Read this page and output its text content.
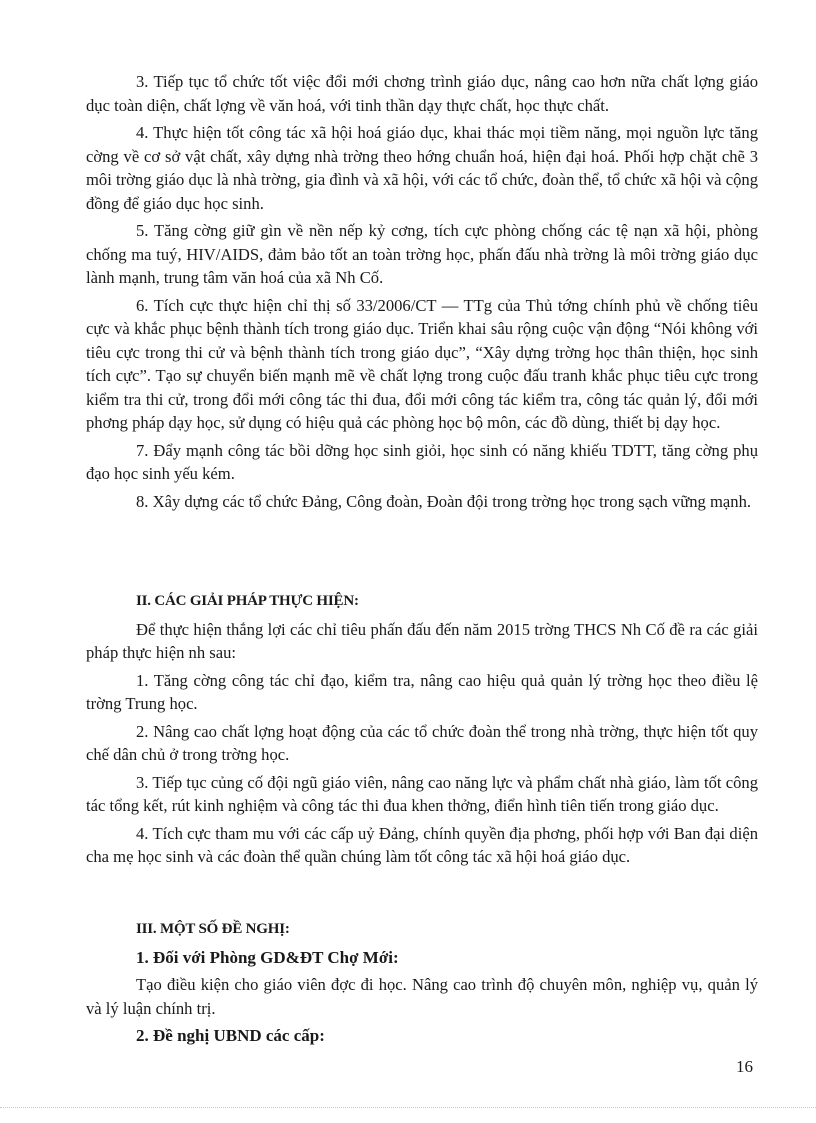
3. Tiếp tục tổ chức tốt việc đổi mới chơng trình giáo dục, nâng cao hơn nữa chất lợng giáo dục toàn diện, chất lợng về văn hoá, với tinh thần dạy thực chất, học thực chất.

4. Thực hiện tốt công tác xã hội hoá giáo dục, khai thác mọi tiềm năng, mọi nguồn lực tăng cờng về cơ sở vật chất, xây dựng nhà trờng theo hớng chuẩn hoá, hiện đại hoá. Phối hợp chặt chẽ 3 môi trờng giáo dục là nhà trờng, gia đình và xã hội, với các tổ chức, đoàn thể, tổ chức xã hội và cộng đồng để giáo dục học sinh.

5. Tăng cờng giữ gìn về nền nếp kỷ cơng, tích cực phòng chống các tệ nạn xã hội, phòng chống ma tuý, HIV/AIDS, đảm bảo tốt an toàn trờng học, phấn đấu nhà trờng là môi trờng giáo dục lành mạnh, trung tâm văn hoá của xã Nh Cố.

6. Tích cực thực hiện chỉ thị số 33/2006/CT — TTg của Thủ tớng chính phủ về chống tiêu cực và khắc phục bệnh thành tích trong giáo dục. Triển khai sâu rộng cuộc vận động “Nói không với tiêu cực trong thi cử và bệnh thành tích trong giáo dục”, “Xây dựng trờng học thân thiện, học sinh tích cực”. Tạo sự chuyển biến mạnh mẽ về chất lợng trong cuộc đấu tranh khắc phục tiêu cực trong kiểm tra thi cử, trong đổi mới công tác thi đua, đổi mới công tác kiểm tra, công tác quản lý, đổi mới phơng pháp dạy học, sử dụng có hiệu quả các phòng học bộ môn, các đồ dùng, thiết bị dạy học.

7. Đẩy mạnh công tác bồi dỡng học sinh giỏi, học sinh có năng khiếu TDTT, tăng cờng phụ đạo học sinh yếu kém.

8. Xây dựng các tổ chức Đảng, Công đoàn, Đoàn đội trong trờng học trong sạch vững mạnh.

II. CÁC GIẢI PHÁP THỰC HIỆN:

Để thực hiện thắng lợi các chỉ tiêu phấn đấu đến năm 2015 trờng THCS Nh Cố đề ra các giải pháp thực hiện nh sau:

1. Tăng cờng công tác chỉ đạo, kiểm tra, nâng cao hiệu quả quản lý trờng học theo điều lệ trờng Trung học.

2. Nâng cao chất lợng hoạt động của các tổ chức đoàn thể trong nhà trờng, thực hiện tốt quy chế dân chủ ở trong trờng học.

3. Tiếp tục củng cố đội ngũ giáo viên, nâng cao năng lực và phẩm chất nhà giáo, làm tốt công tác tổng kết, rút kinh nghiệm và công tác thi đua khen thởng, điển hình tiên tiến trong giáo dục.

4. Tích cực tham mu với các cấp uỷ Đảng, chính quyền địa phơng, phối hợp với Ban đại diện cha mẹ học sinh và các đoàn thể quần chúng làm tốt công tác xã hội hoá giáo dục.

III. MỘT SỐ ĐỀ NGHỊ:

1. Đối với Phòng GD&ĐT Chợ Mới:

Tạo điều kiện cho giáo viên đợc đi học. Nâng cao trình độ chuyên môn, nghiệp vụ, quản lý và lý luận chính trị.

2. Đề nghị UBND các cấp:

16
